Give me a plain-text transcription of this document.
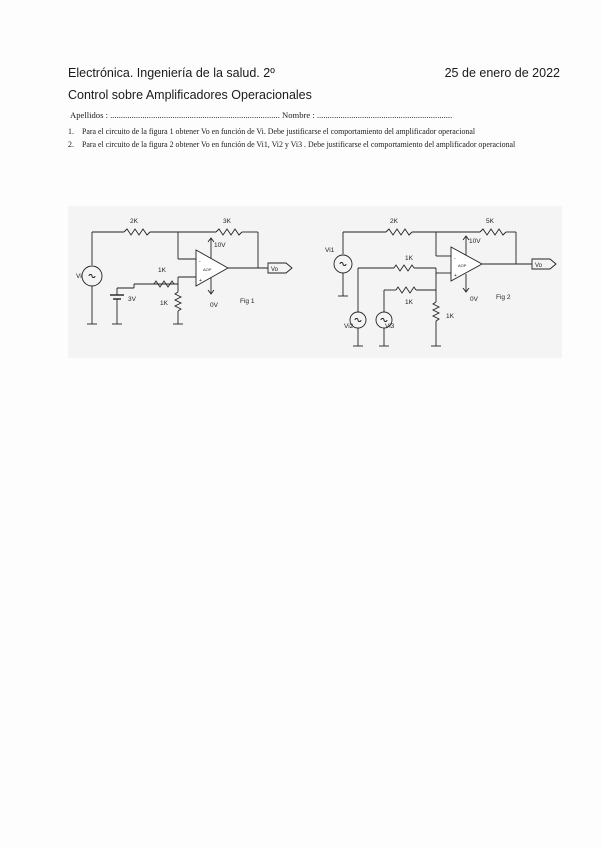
Electrónica. Ingeniería de la salud. 2º	25 de enero de 2022
Control sobre Amplificadores Operacionales
Apellidos : ............................................................................... Nombre : ...............................................................
1. Para el circuito de la figura 1 obtener Vo en función de Vi. Debe justificarse el comportamiento del amplificador operacional
2. Para el circuito de la figura 2 obtener Vo en función de Vi1, Vi2 y Vi3 . Debe justificarse el comportamiento del amplificador operacional
2K	3K
10V
AOP
-
+
1K
Vi
3V
1K	0V
Fig 1
Vo
2K	5K
10V
AOP
-
+
1K
1K
1K
Vi1
Vi2	Vi3
0V	Fig 2
Vo
